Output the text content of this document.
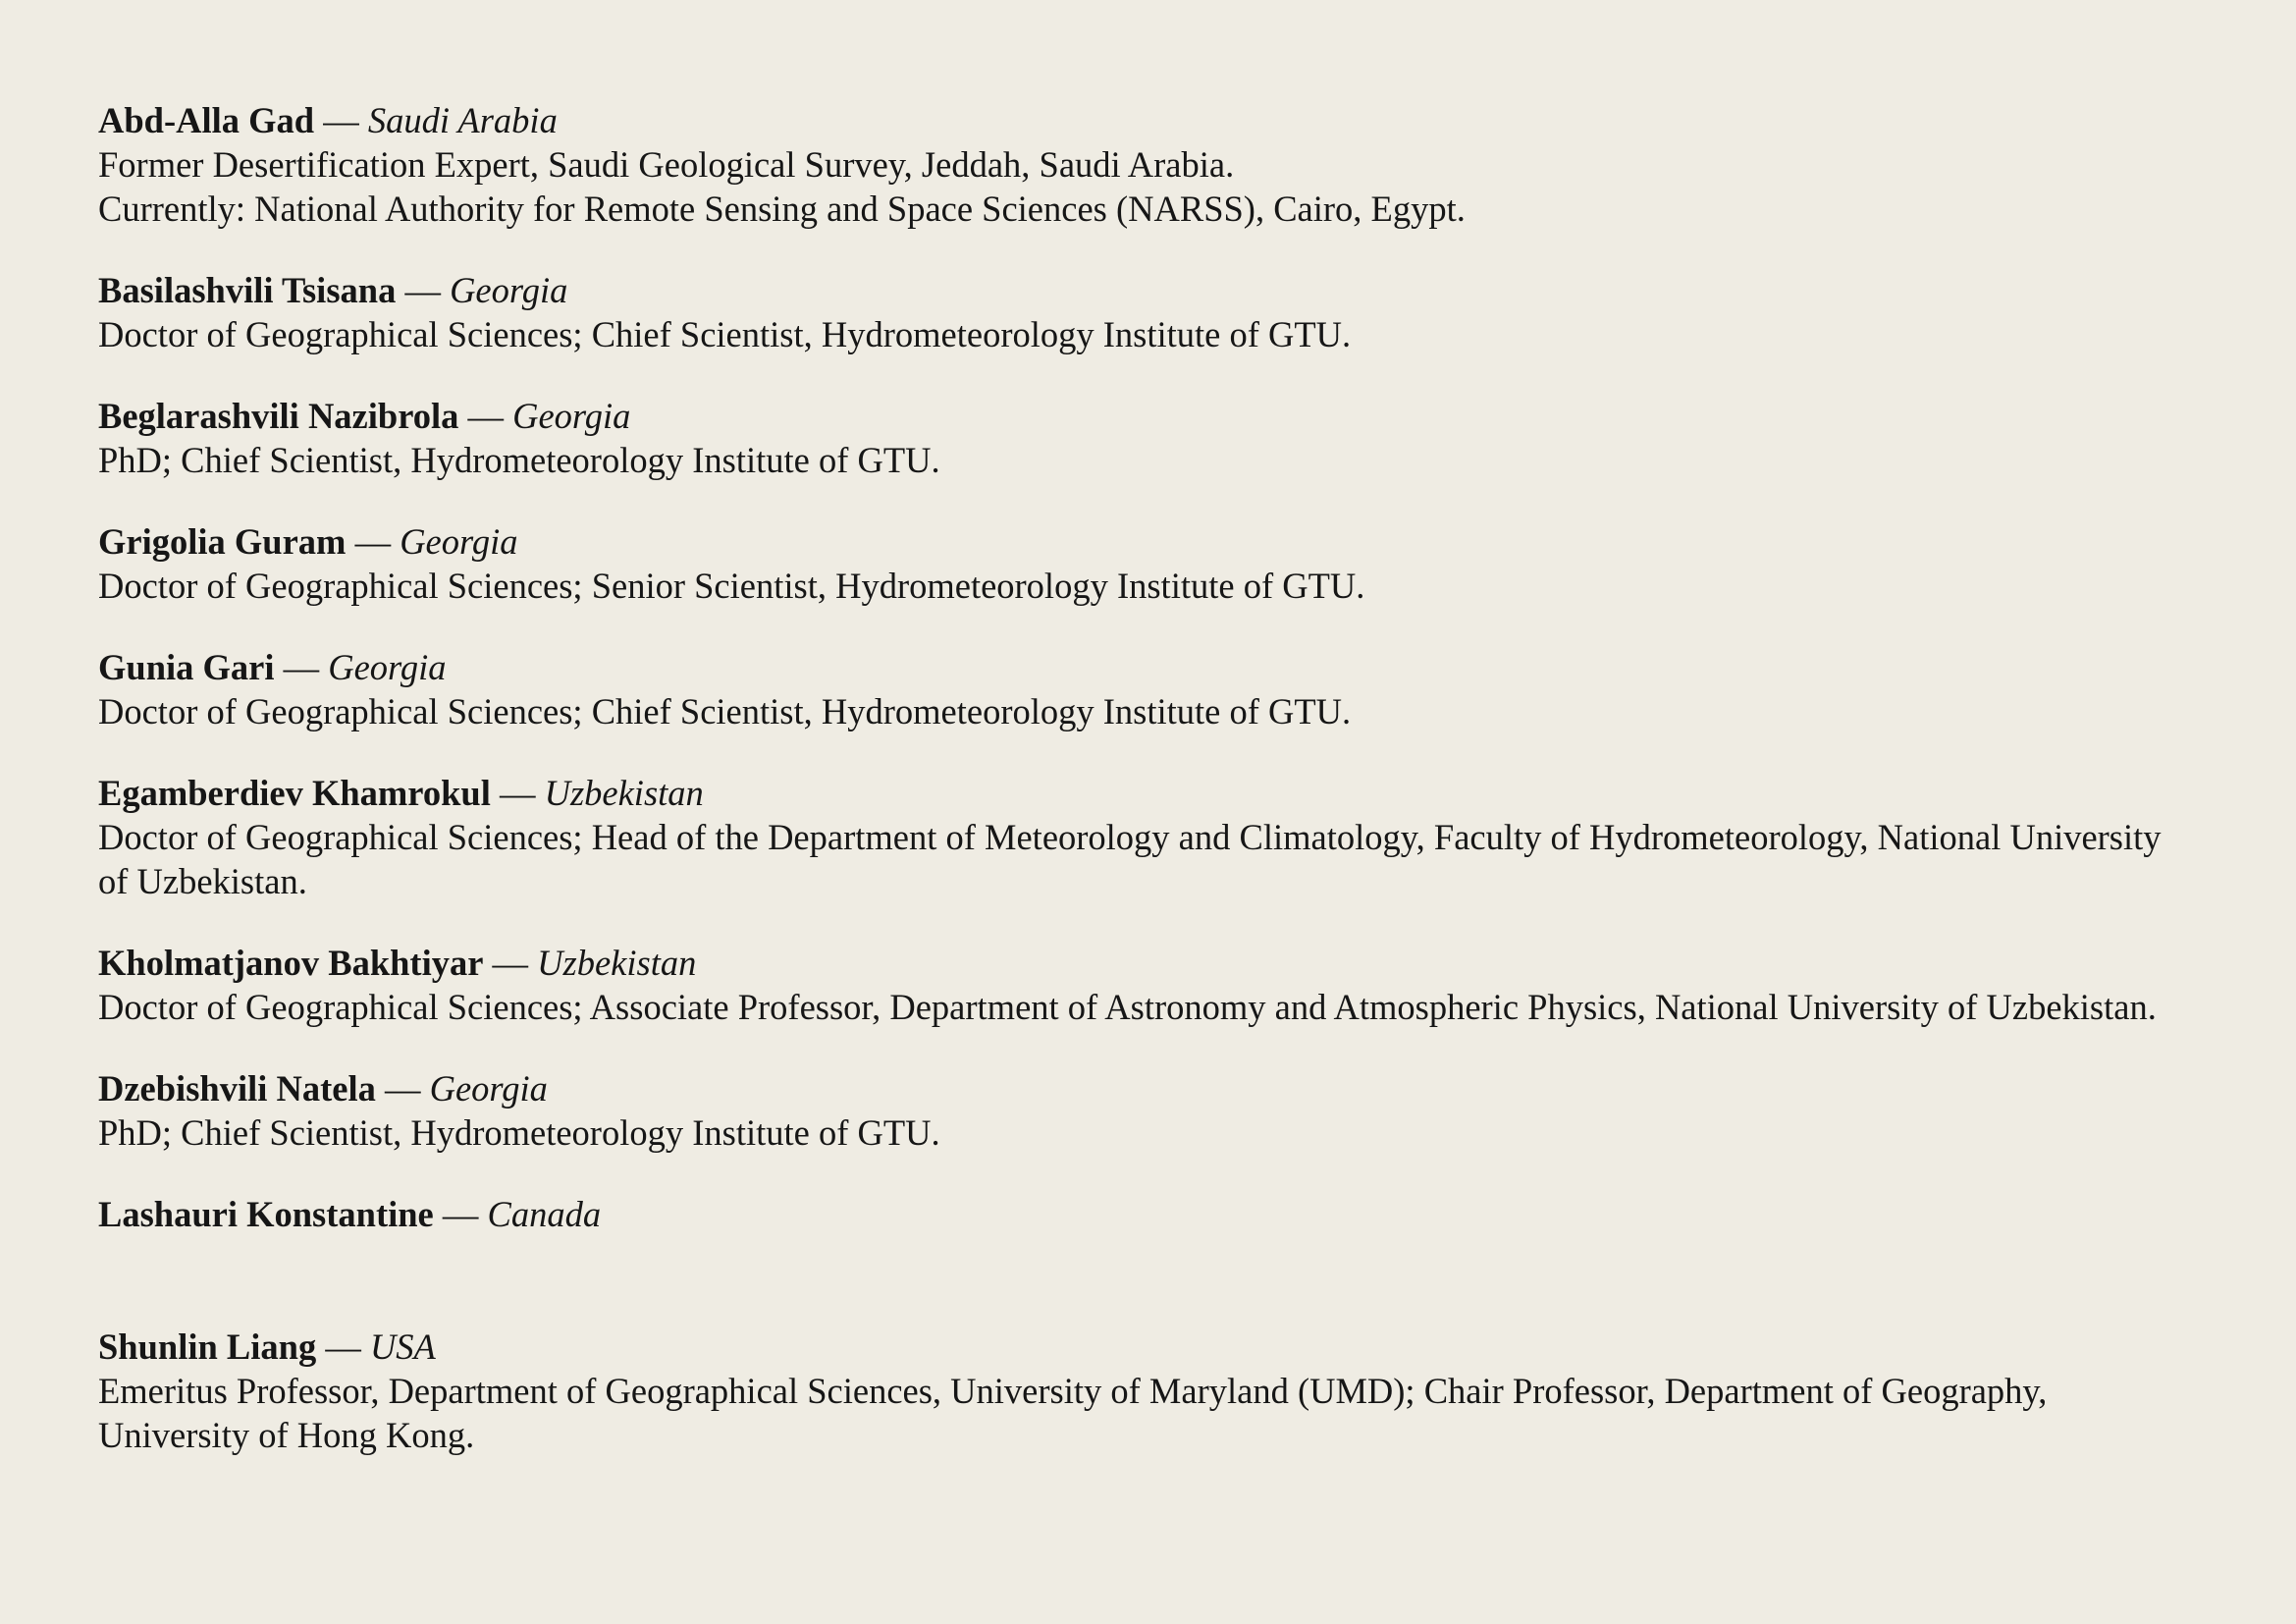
Abd-Alla Gad — Saudi Arabia

Former Desertification Expert, Saudi Geological Survey, Jeddah, Saudi Arabia.

Currently: National Authority for Remote Sensing and Space Sciences (NARSS), Cairo, Egypt.

Basilashvili Tsisana — Georgia

Doctor of Geographical Sciences; Chief Scientist, Hydrometeorology Institute of GTU.

Beglarashvili Nazibrola — Georgia

PhD; Chief Scientist, Hydrometeorology Institute of GTU.

Grigolia Guram — Georgia

Doctor of Geographical Sciences; Senior Scientist, Hydrometeorology Institute of GTU.

Gunia Gari — Georgia

Doctor of Geographical Sciences; Chief Scientist, Hydrometeorology Institute of GTU.

Egamberdiev Khamrokul — Uzbekistan

Doctor of Geographical Sciences; Head of the Department of Meteorology and Climatology, Faculty of Hydrometeorology, National University of Uzbekistan.

Kholmatjanov Bakhtiyar — Uzbekistan

Doctor of Geographical Sciences; Associate Professor, Department of Astronomy and Atmospheric Physics, National University of Uzbekistan.

Dzebishvili Natela — Georgia

PhD; Chief Scientist, Hydrometeorology Institute of GTU.

Lashauri Konstantine — Canada
Shunlin Liang — USA

Emeritus Professor, Department of Geographical Sciences, University of Maryland (UMD); Chair Professor, Department of Geography, University of Hong Kong.
